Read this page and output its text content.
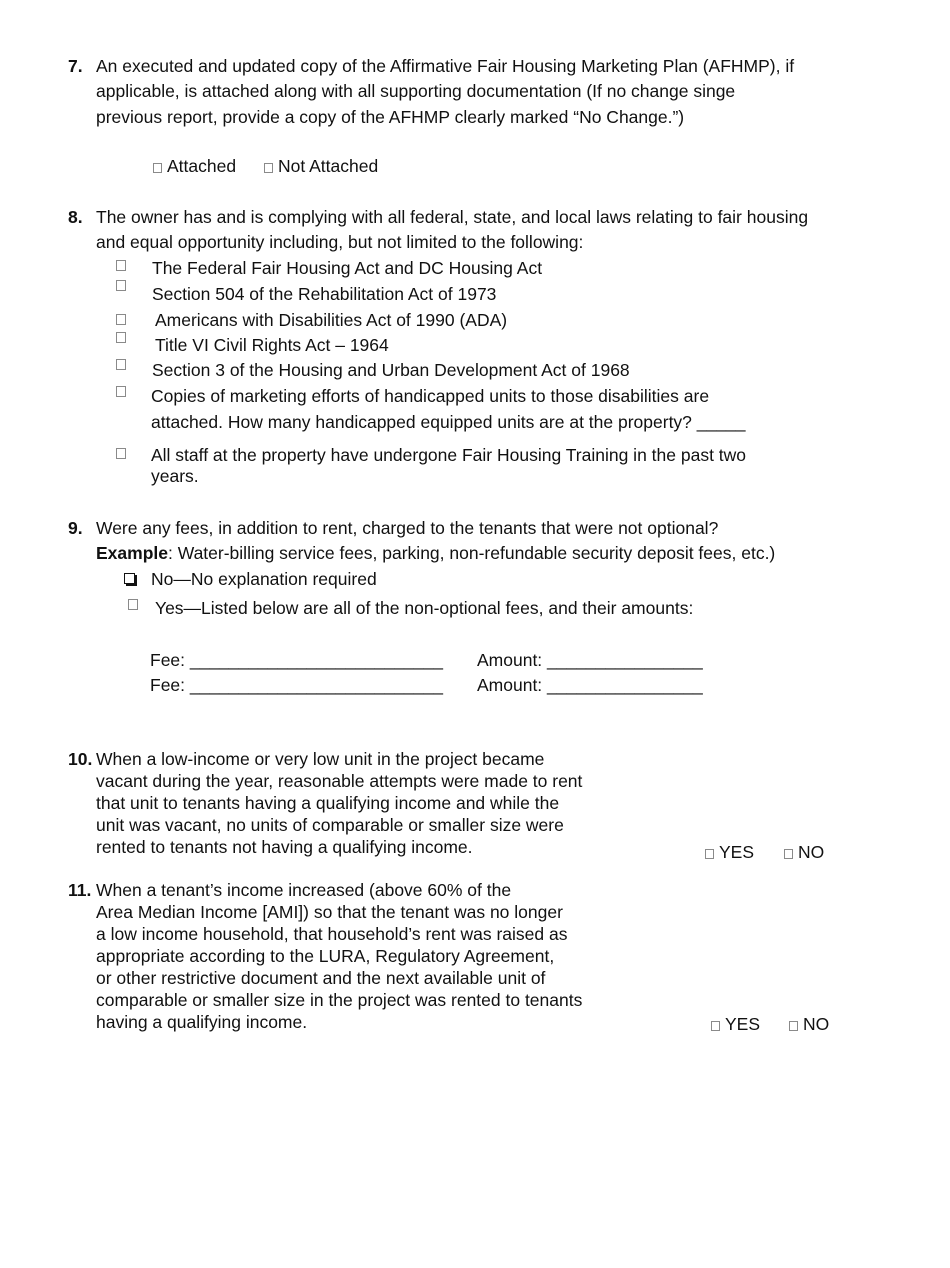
7. An executed and updated copy of the Affirmative Fair Housing Marketing Plan (AFHMP), if
applicable, is attached along with all supporting documentation (If no change singe
previous report, provide a copy of the AFHMP clearly marked “No Change.”)
Attached	Not Attached
8. The owner has and is complying with all federal, state, and local laws relating to fair housing
and equal opportunity including, but not limited to the following:
The Federal Fair Housing Act and DC Housing Act
Section 504 of the Rehabilitation Act of 1973
Americans with Disabilities Act of 1990 (ADA)
Title VI Civil Rights Act – 1964
Section 3 of the Housing and Urban Development Act of 1968
Copies of marketing efforts of handicapped units to those disabilities are
attached. How many handicapped equipped units are at the property? _____
All staff at the property have undergone Fair Housing Training in the past two
years.
9. Were any fees, in addition to rent, charged to the tenants that were not optional?
Example: Water-billing service fees, parking, non-refundable security deposit fees, etc.)
No—No explanation required
Yes—Listed below are all of the non-optional fees, and their amounts:
Fee: __________________________ Amount: ________________
Fee: __________________________ Amount: ________________
10. When a low-income or very low unit in the project became
vacant during the year, reasonable attempts were made to rent
that unit to tenants having a qualifying income and while the
unit was vacant, no units of comparable or smaller size were
rented to tenants not having a qualifying income.	YES	NO
11. When a tenant’s income increased (above 60% of the
Area Median Income [AMI]) so that the tenant was no longer
a low income household, that household’s rent was raised as
appropriate according to the LURA, Regulatory Agreement,
or other restrictive document and the next available unit of
comparable or smaller size in the project was rented to tenants
having a qualifying income.	YES	NO
